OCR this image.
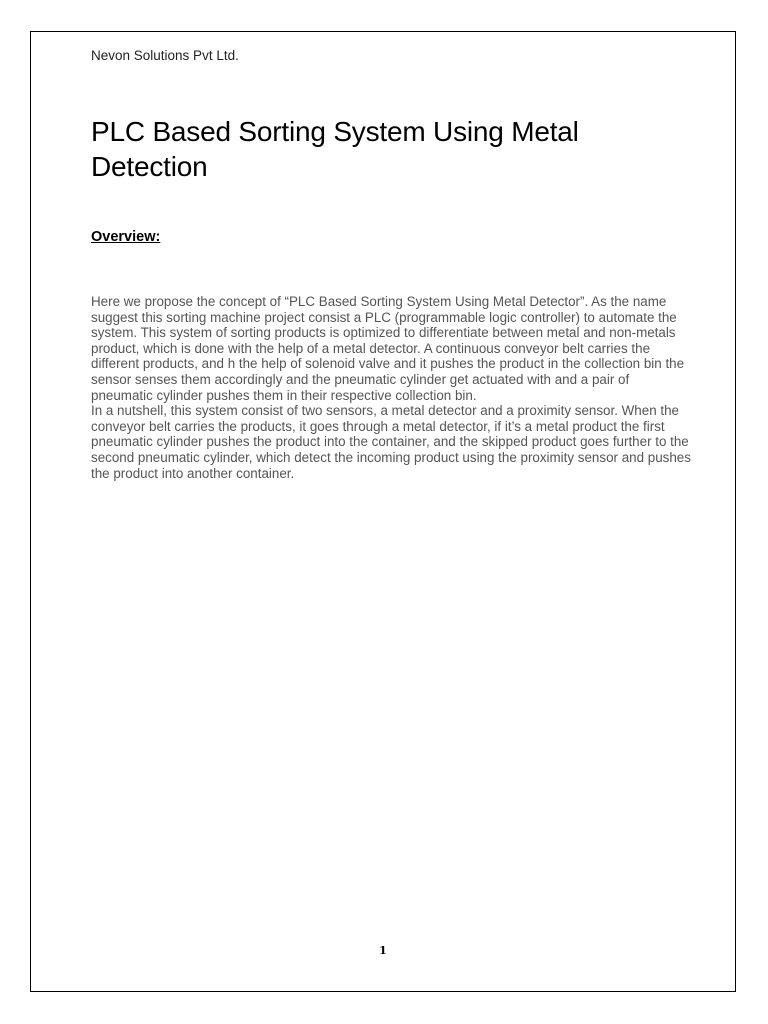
Nevon Solutions Pvt Ltd.
PLC Based Sorting System Using Metal Detection
Overview:

Here we propose the concept of “PLC Based Sorting System Using Metal Detector”. As the name suggest this sorting machine project consist a PLC (programmable logic controller) to automate the system. This system of sorting products is optimized to differentiate between metal and non-metals product, which is done with the help of a metal detector. A continuous conveyor belt carries the different products, and h the help of solenoid valve and it pushes the product in the collection bin the sensor senses them accordingly and the pneumatic cylinder get actuated with and a pair of pneumatic cylinder pushes them in their respective collection bin.

In a nutshell, this system consist of two sensors, a metal detector and a proximity sensor. When the conveyor belt carries the products, it goes through a metal detector, if it’s a metal product the first pneumatic cylinder pushes the product into the container, and the skipped product goes further to the second pneumatic cylinder, which detect the incoming product using the proximity sensor and pushes the product into another container.

1
